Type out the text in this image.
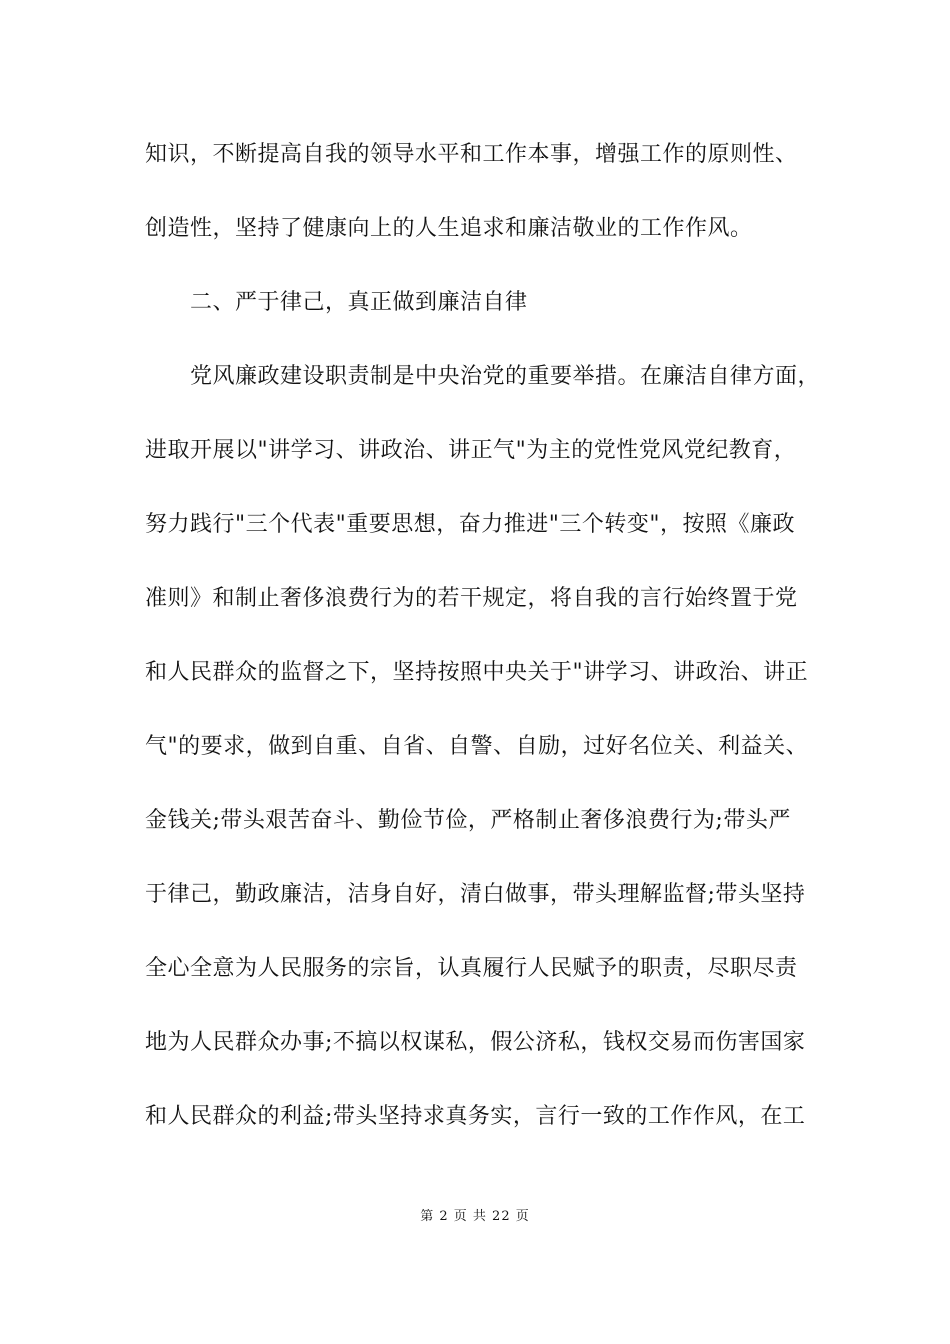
知识，不断提高自我的领导水平和工作本事，增强工作的原则性、
创造性，坚持了健康向上的人生追求和廉洁敬业的工作作风。
二、严于律己，真正做到廉洁自律
党风廉政建设职责制是中央治党的重要举措。在廉洁自律方面，
进取开展以"讲学习、讲政治、讲正气"为主的党性党风党纪教育，
努力践行"三个代表"重要思想，奋力推进"三个转变"，按照《廉政
准则》和制止奢侈浪费行为的若干规定，将自我的言行始终置于党
和人民群众的监督之下，坚持按照中央关于"讲学习、讲政治、讲正
气"的要求，做到自重、自省、自警、自励，过好名位关、利益关、
金钱关;带头艰苦奋斗、勤俭节俭，严格制止奢侈浪费行为;带头严
于律己，勤政廉洁，洁身自好，清白做事，带头理解监督;带头坚持
全心全意为人民服务的宗旨，认真履行人民赋予的职责，尽职尽责
地为人民群众办事;不搞以权谋私，假公济私，钱权交易而伤害国家
和人民群众的利益;带头坚持求真务实，言行一致的工作作风，在工
第 2 页 共 22 页
